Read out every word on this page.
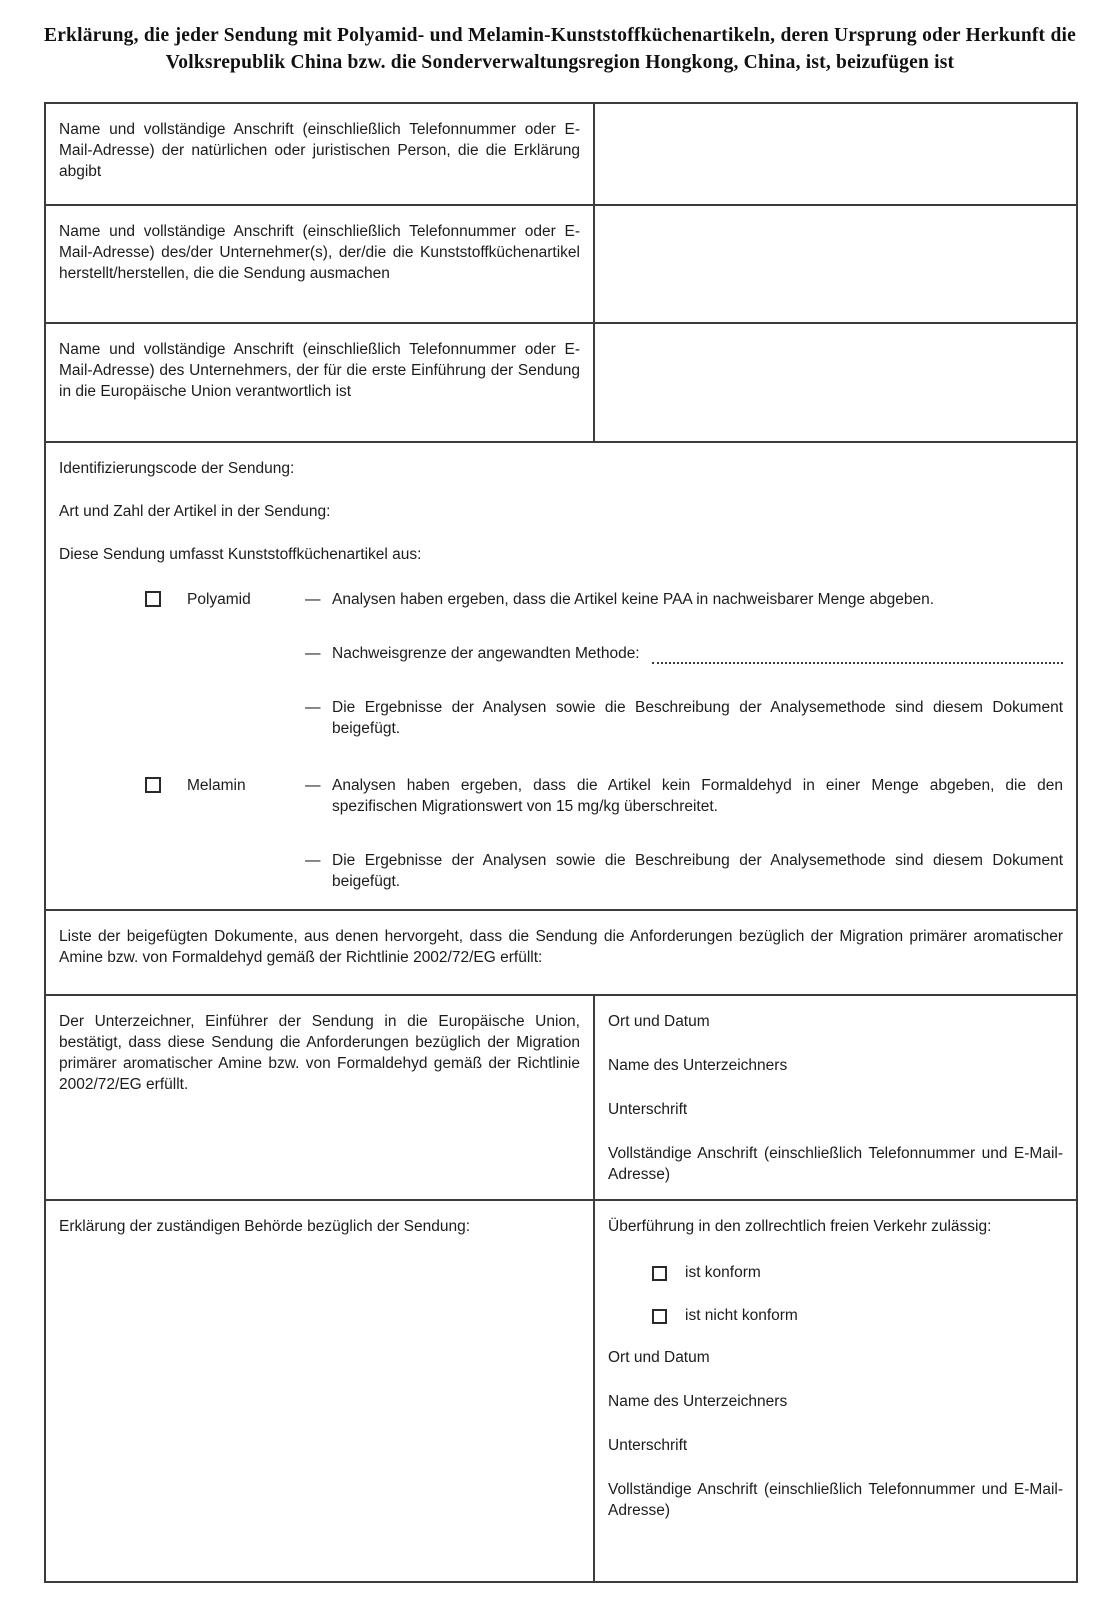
Erklärung, die jeder Sendung mit Polyamid- und Melamin-Kunststoffküchenartikeln, deren Ursprung oder Herkunft die Volksrepublik China bzw. die Sonderverwaltungsregion Hongkong, China, ist, beizufügen ist
Name und vollständige Anschrift (einschließlich Telefonnummer oder E-Mail-Adresse) der natürlichen oder juristischen Person, die die Erklärung abgibt
Name und vollständige Anschrift (einschließlich Telefonnummer oder E-Mail-Adresse) des/der Unternehmer(s), der/die die Kunststoffküchenartikel herstellt/herstellen, die die Sendung ausmachen
Name und vollständige Anschrift (einschließlich Telefonnummer oder E-Mail-Adresse) des Unternehmers, der für die erste Einführung der Sendung in die Europäische Union verantwortlich ist
Identifizierungscode der Sendung:
Art und Zahl der Artikel in der Sendung:
Diese Sendung umfasst Kunststoffküchenartikel aus:
Polyamid	— Analysen haben ergeben, dass die Artikel keine PAA in nachweisbarer Menge abgeben.
— Nachweisgrenze der angewandten Methode:
— Die Ergebnisse der Analysen sowie die Beschreibung der Analysemethode sind diesem Dokument beigefügt.
Melamin	— Analysen haben ergeben, dass die Artikel kein Formaldehyd in einer Menge abgeben, die den spezifischen Migrationswert von 15 mg/kg überschreitet.
— Die Ergebnisse der Analysen sowie die Beschreibung der Analysemethode sind diesem Dokument beigefügt.
Liste der beigefügten Dokumente, aus denen hervorgeht, dass die Sendung die Anforderungen bezüglich der Migration primärer aromatischer Amine bzw. von Formaldehyd gemäß der Richtlinie 2002/72/EG erfüllt:
Der Unterzeichner, Einführer der Sendung in die Europäische Union, bestätigt, dass diese Sendung die Anforderungen bezüglich der Migration primärer aromatischer Amine bzw. von Formaldehyd gemäß der Richtlinie 2002/72/EG erfüllt.
Ort und Datum
Name des Unterzeichners
Unterschrift
Vollständige Anschrift (einschließlich Telefonnummer und E-Mail-Adresse)
Erklärung der zuständigen Behörde bezüglich der Sendung:	Überführung in den zollrechtlich freien Verkehr zulässig:
ist konform
ist nicht konform
Ort und Datum
Name des Unterzeichners
Unterschrift
Vollständige Anschrift (einschließlich Telefonnummer und E-Mail-Adresse)
